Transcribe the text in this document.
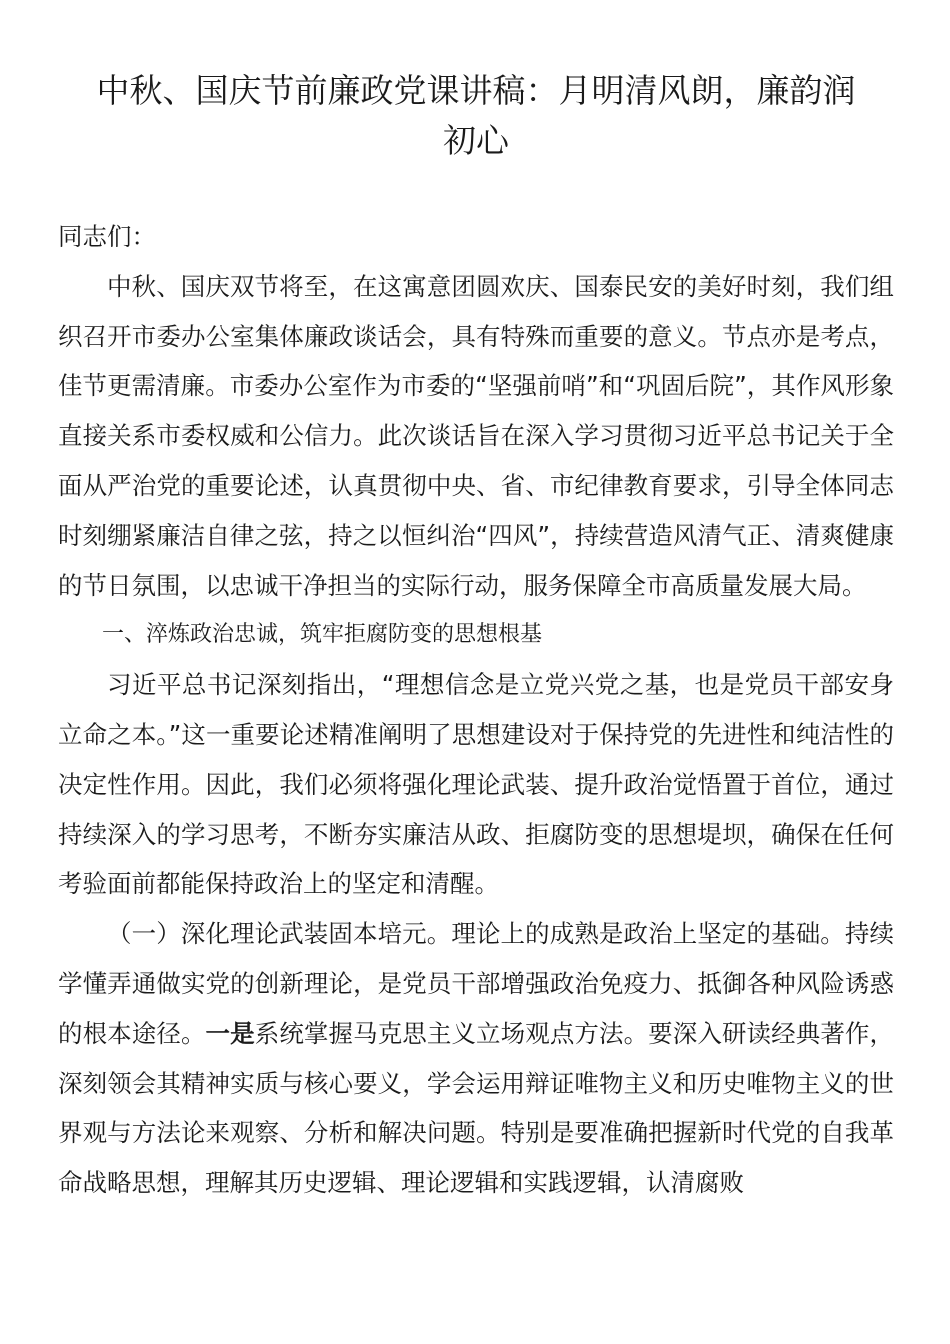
中秋、国庆节前廉政党课讲稿：月明清风朗，廉韵润
初心

同志们：

中秋、国庆双节将至，在这寓意团圆欢庆、国泰民安的美好时刻，我们组织召开市委办公室集体廉政谈话会，具有特殊而重要的意义。节点亦是考点，佳节更需清廉。市委办公室作为市委的“坚强前哨”和“巩固后院”，其作风形象直接关系市委权威和公信力。此次谈话旨在深入学习贯彻习近平总书记关于全面从严治党的重要论述，认真贯彻中央、省、市纪律教育要求，引导全体同志时刻绷紧廉洁自律之弦，持之以恒纠治“四风”，持续营造风清气正、清爽健康的节日氛围，以忠诚干净担当的实际行动，服务保障全市高质量发展大局。

一、淬炼政治忠诚，筑牢拒腐防变的思想根基

习近平总书记深刻指出，“理想信念是立党兴党之基，也是党员干部安身立命之本。”这一重要论述精准阐明了思想建设对于保持党的先进性和纯洁性的决定性作用。因此，我们必须将强化理论武装、提升政治觉悟置于首位，通过持续深入的学习思考，不断夯实廉洁从政、拒腐防变的思想堤坝，确保在任何考验面前都能保持政治上的坚定和清醒。

（一）深化理论武装固本培元。理论上的成熟是政治上坚定的基础。持续学懂弄通做实党的创新理论，是党员干部增强政治免疫力、抵御各种风险诱惑的根本途径。一是系统掌握马克思主义立场观点方法。要深入研读经典著作，深刻领会其精神实质与核心要义，学会运用辩证唯物主义和历史唯物主义的世界观与方法论来观察、分析和解决问题。特别是要准确把握新时代党的自我革命战略思想，理解其历史逻辑、理论逻辑和实践逻辑，认清腐败
